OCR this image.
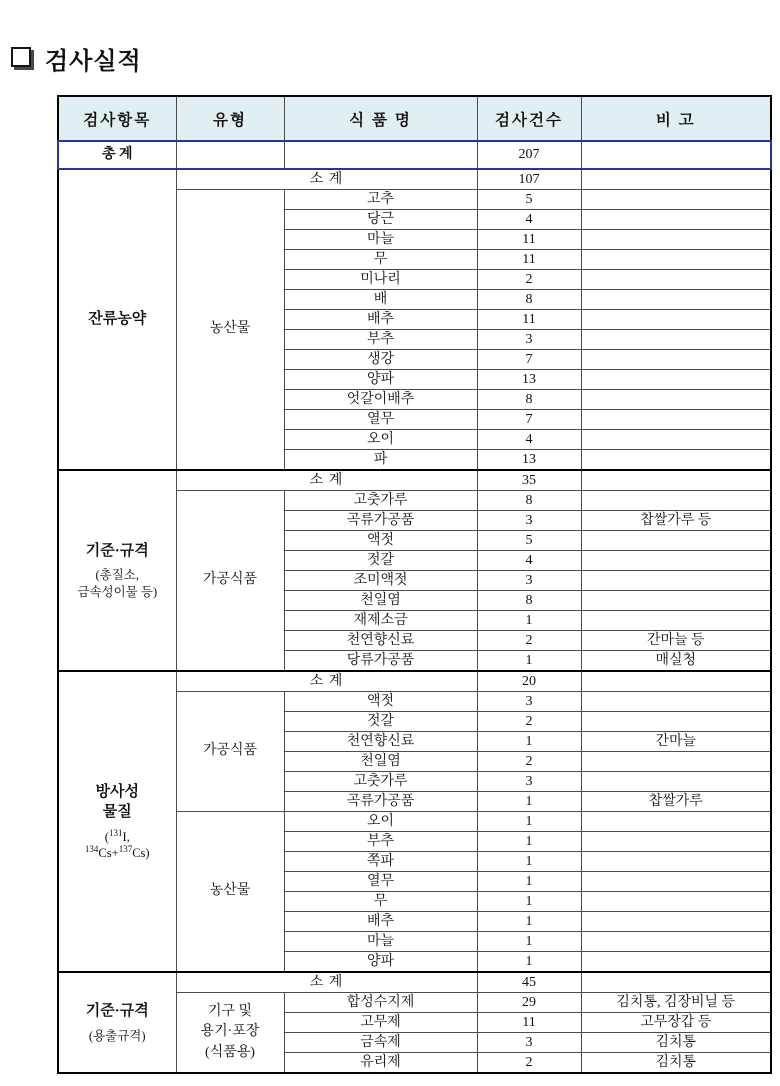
검사실적
검사항목	유형	식 품 명	검사건수	비 고
총 계			207	

잔류농약	소 계		107	

	농산물	고추	5	
		당근	4	
		마늘	11	
		무	11	
		미나리	2	
		배	8	
		배추	11	
		부추	3	
		생강	7	
		양파	13	
		엇갈이배추	8	
		열무	7	
		오이	4	
		파	13	

기준·규격
(총질소,
금속성이물 등)	소 계		35	

	가공식품	고춧가루	8	
		곡류가공품	3	찹쌀가루 등
		액젓	5	
		젓갈	4	
		조미액젓	3	
		천일염	8	
		재제소금	1	
		천연향신료	2	간마늘 등
		당류가공품	1	매실청

방사성
물질
($^{131}$I,
$^{134}$Cs+$^{137}$Cs)	소 계		20	

	가공식품	액젓	3	
		젓갈	2	
		천연향신료	1	간마늘
		천일염	2	
		고춧가루	3	
		곡류가공품	1	찹쌀가루

	농산물	오이	1	
		부추	1	
		쪽파	1	
		열무	1	
		무	1	
		배추	1	
		마늘	1	
		양파	1	

기준·규격
(용출규격)	소 계		45	

	기구 및
용기·포장
(식품용)	합성수지제	29	김치통, 김장비닐 등
		고무제	11	고무장갑 등
		금속제	3	김치통
		유리제	2	김치통
